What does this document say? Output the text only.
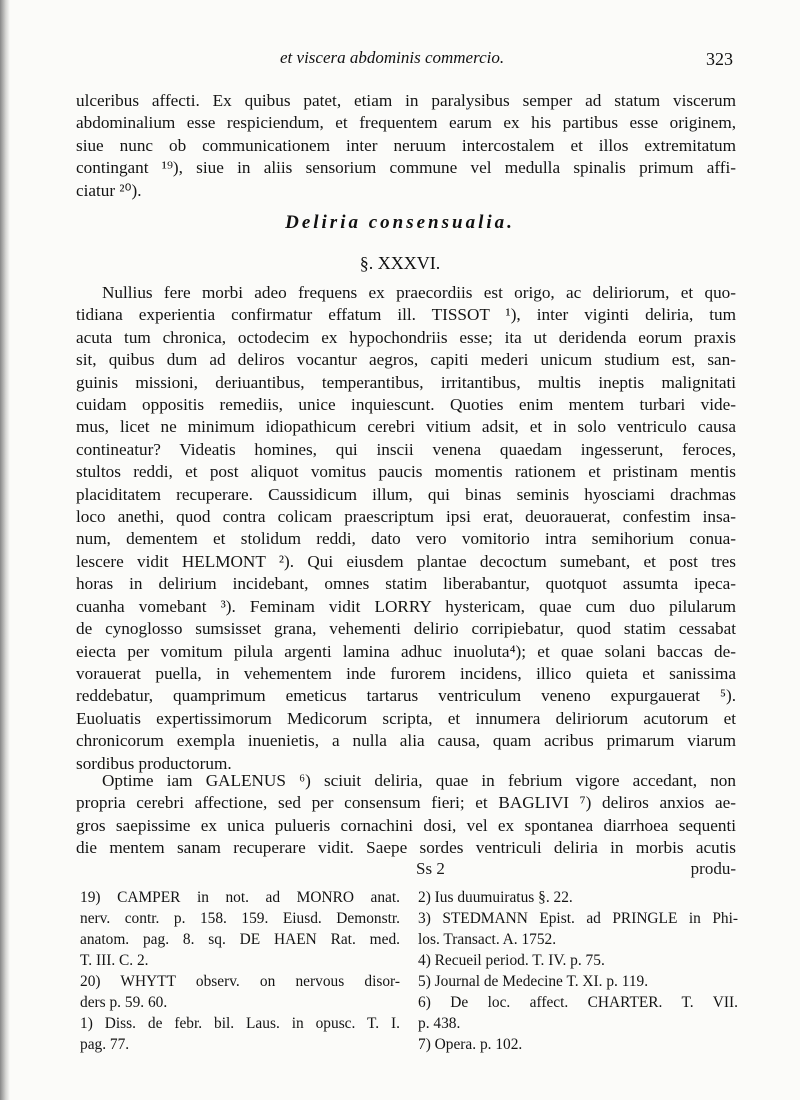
et viscera abdominis commercio.	323
ulceribus affecti. Ex quibus patet, etiam in paralysibus semper ad statum viscerum
abdominalium esse respiciendum, et frequentem earum ex his partibus esse originem,
siue nunc ob communicationem inter neruum intercostalem et illos extremitatum
contingant ¹⁹), siue in aliis sensorium commune vel medulla spinalis primum affi-
ciatur ²⁰).
Deliria consensualia.
§. XXXVI.
Nullius fere morbi adeo frequens ex praecordiis est origo, ac deliriorum, et quo-
tidiana experientia confirmatur effatum ill. TISSOT ¹), inter viginti deliria, tum
acuta tum chronica, octodecim ex hypochondriis esse; ita ut deridenda eorum praxis
sit, quibus dum ad deliros vocantur aegros, capiti mederi unicum studium est, san-
guinis missioni, deriuantibus, temperantibus, irritantibus, multis ineptis malignitati
cuidam oppositis remediis, unice inquiescunt. Quoties enim mentem turbari vide-
mus, licet ne minimum idiopathicum cerebri vitium adsit, et in solo ventriculo causa
contineatur? Videatis homines, qui inscii venena quaedam ingesserunt, feroces,
stultos reddi, et post aliquot vomitus paucis momentis rationem et pristinam mentis
placiditatem recuperare. Caussidicum illum, qui binas seminis hyosciami drachmas
loco anethi, quod contra colicam praescriptum ipsi erat, deuorauerat, confestim insa-
num, dementem et stolidum reddi, dato vero vomitorio intra semihorium conua-
lescere vidit HELMONT ²). Qui eiusdem plantae decoctum sumebant, et post tres
horas in delirium incidebant, omnes statim liberabantur, quotquot assumta ipeca-
cuanha vomebant ³). Feminam vidit LORRY hystericam, quae cum duo pilularum
de cynoglosso sumsisset grana, vehementi delirio corripiebatur, quod statim cessabat
eiecta per vomitum pilula argenti lamina adhuc inuoluta⁴); et quae solani baccas de-
vorauerat puella, in vehementem inde furorem incidens, illico quieta et sanissima
reddebatur, quamprimum emeticus tartarus ventriculum veneno expurgauerat ⁵).
Euoluatis expertissimorum Medicorum scripta, et innumera deliriorum acutorum et
chronicorum exempla inuenietis, a nulla alia causa, quam acribus primarum viarum
sordibus productorum.
Optime iam GALENUS ⁶) sciuit deliria, quae in febrium vigore accedant, non
propria cerebri affectione, sed per consensum fieri; et BAGLIVI ⁷) deliros anxios ae-
gros saepissime ex unica pulueris cornachini dosi, vel ex spontanea diarrhoea sequenti
die mentem sanam recuperare vidit. Saepe sordes ventriculi deliria in morbis acutis
Ss 2	produ-
19) CAMPER in not. ad MONRO anat.
nerv. contr. p. 158. 159. Eiusd. Demonstr.
anatom. pag. 8. sq. DE HAEN Rat. med.
T. III. C. 2.
20) WHYTT observ. on nervous disor-
ders p. 59. 60.
1) Diss. de febr. bil. Laus. in opusc. T. I.
pag. 77.
2) Ius duumuiratus §. 22.
3) STEDMANN Epist. ad PRINGLE in Phi-
los. Transact. A. 1752.
4) Recueil period. T. IV. p. 75.
5) Journal de Medecine T. XI. p. 119.
6) De loc. affect. CHARTER. T. VII.
p. 438.
7) Opera. p. 102.
